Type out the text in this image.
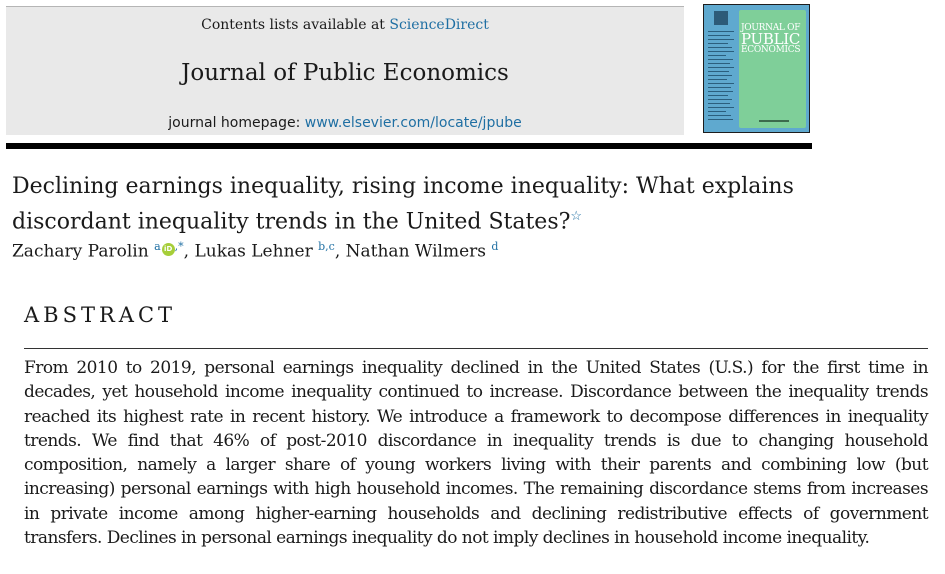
Contents lists available at ScienceDirect
Journal of Public Economics
journal homepage: www.elsevier.com/locate/jpube
JOURNAL OF
PUBLIC
ECONOMICS
Declining earnings inequality, rising income inequality: What explains discordant inequality trends in the United States?☆
Zachary Parolin $^a$ iD ,*, Lukas Lehner $^{b,c}$, Nathan Wilmers $^d$
ABSTRACT
From 2010 to 2019, personal earnings inequality declined in the United States (U.S.) for the first time in decades, yet household income inequality continued to increase. Discordance between the inequality trends reached its highest rate in recent history. We introduce a framework to decompose differences in inequality trends. We find that 46% of post-2010 discordance in inequality trends is due to changing household composition, namely a larger share of young workers living with their parents and combining low (but increasing) personal earnings with high household incomes. The remaining discordance stems from increases in private income among higher-earning households and declining redistributive effects of government transfers. Declines in personal earnings inequality do not imply declines in household income inequality.
